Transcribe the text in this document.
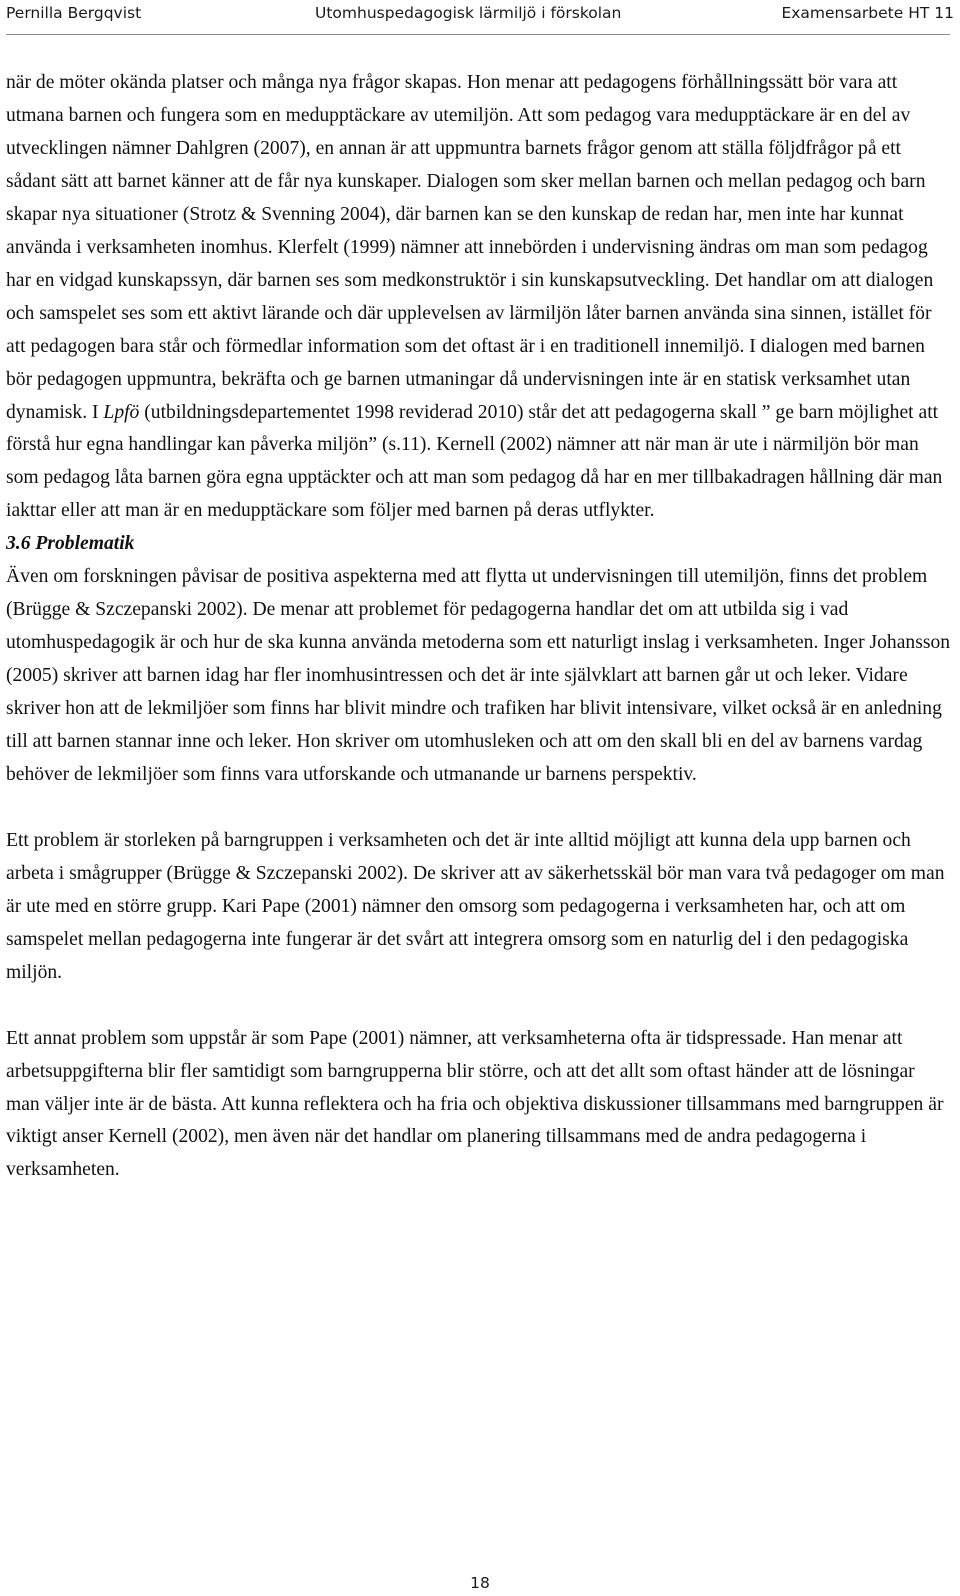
Pernilla Bergqvist	Utomhuspedagogisk lärmiljö i förskolan	Examensarbete HT 11

när de möter okända platser och många nya frågor skapas. Hon menar att pedagogens förhållningssätt bör vara att utmana barnen och fungera som en medupptäckare av utemiljön. Att som pedagog vara medupptäckare är en del av utvecklingen nämner Dahlgren (2007), en annan är att uppmuntra barnets frågor genom att ställa följdfrågor på ett sådant sätt att barnet känner att de får nya kunskaper. Dialogen som sker mellan barnen och mellan pedagog och barn skapar nya situationer (Strotz & Svenning 2004), där barnen kan se den kunskap de redan har, men inte har kunnat använda i verksamheten inomhus. Klerfelt (1999) nämner att innebörden i undervisning ändras om man som pedagog har en vidgad kunskapssyn, där barnen ses som medkonstruktör i sin kunskapsutveckling. Det handlar om att dialogen och samspelet ses som ett aktivt lärande och där upplevelsen av lärmiljön låter barnen använda sina sinnen, istället för att pedagogen bara står och förmedlar information som det oftast är i en traditionell innemiljö. I dialogen med barnen bör pedagogen uppmuntra, bekräfta och ge barnen utmaningar då undervisningen inte är en statisk verksamhet utan dynamisk. I Lpfö (utbildningsdepartementet 1998 reviderad 2010) står det att pedagogerna skall ” ge barn möjlighet att förstå hur egna handlingar kan påverka miljön” (s.11). Kernell (2002) nämner att när man är ute i närmiljön bör man som pedagog låta barnen göra egna upptäckter och att man som pedagog då har en mer tillbakadragen hållning där man iakttar eller att man är en medupptäckare som följer med barnen på deras utflykter.

3.6 Problematik

Även om forskningen påvisar de positiva aspekterna med att flytta ut undervisningen till utemiljön, finns det problem (Brügge & Szczepanski 2002). De menar att problemet för pedagogerna handlar det om att utbilda sig i vad utomhuspedagogik är och hur de ska kunna använda metoderna som ett naturligt inslag i verksamheten. Inger Johansson (2005) skriver att barnen idag har fler inomhusintressen och det är inte självklart att barnen går ut och leker. Vidare skriver hon att de lekmiljöer som finns har blivit mindre och trafiken har blivit intensivare, vilket också är en anledning till att barnen stannar inne och leker. Hon skriver om utomhusleken och att om den skall bli en del av barnens vardag behöver de lekmiljöer som finns vara utforskande och utmanande ur barnens perspektiv.

Ett problem är storleken på barngruppen i verksamheten och det är inte alltid möjligt att kunna dela upp barnen och arbeta i smågrupper (Brügge & Szczepanski 2002). De skriver att av säkerhetsskäl bör man vara två pedagoger om man är ute med en större grupp. Kari Pape (2001) nämner den omsorg som pedagogerna i verksamheten har, och att om samspelet mellan pedagogerna inte fungerar är det svårt att integrera omsorg som en naturlig del i den pedagogiska miljön.

Ett annat problem som uppstår är som Pape (2001) nämner, att verksamheterna ofta är tidspressade. Han menar att arbetsuppgifterna blir fler samtidigt som barngrupperna blir större, och att det allt som oftast händer att de lösningar man väljer inte är de bästa. Att kunna reflektera och ha fria och objektiva diskussioner tillsammans med barngruppen är viktigt anser Kernell (2002), men även när det handlar om planering tillsammans med de andra pedagogerna i verksamheten.

18
